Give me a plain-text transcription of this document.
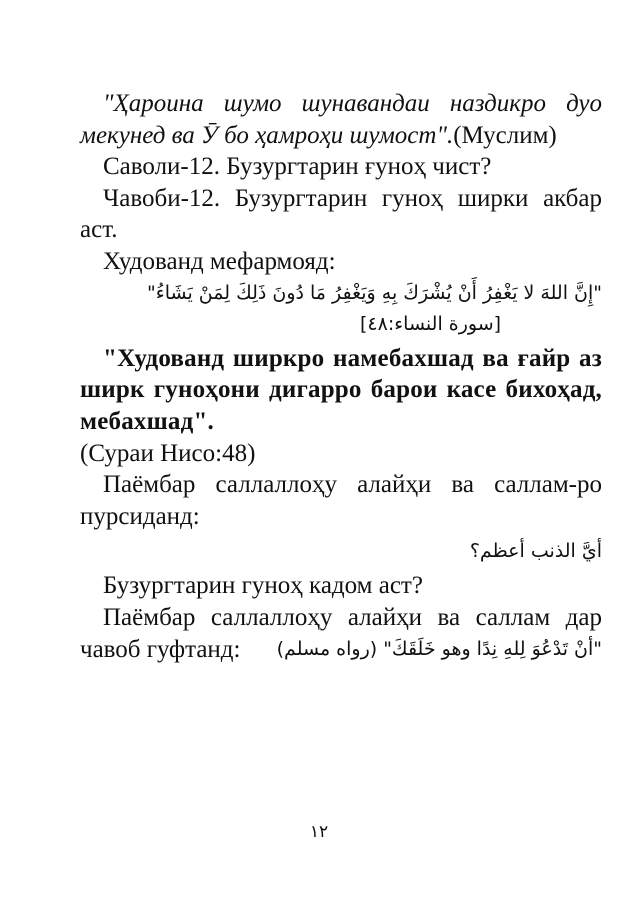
"Ҳароина шумо шунавандаи наздикро дуо мекунед ва Ӯ бо ҳамроҳи шумост".(Муслим)

Саволи-12. Бузургтарин ғуноҳ чист?

Чавоби-12. Бузургтарин гуноҳ ширки акбар аст.

Худованд мефармояд:

"إِنَّ اللهَ لا يَغْفِرُ أَنْ يُشْرَكَ بِهِ وَيَغْفِرُ مَا دُونَ ذَلِكَ لِمَنْ يَشَاءُ"

[سورة النساء:٤٨]

"Худованд ширкро намебахшад ва ғайр аз ширк гуноҳони дигарро барои касе бихоҳад, мебахшад".

(Сураи Нисо:48)

Паёмбар саллаллоҳу алайҳи ва саллам-ро пурсиданд:

أيَّ الذنب أعظم؟

Бузургтарин гуноҳ кадом аст?

Паёмбар саллаллоҳу алайҳи ва саллам дар чавоб гуфтанд:	"أنْ تَدْعُوَ لِلهِ نِدًا وهو خَلَقَكَ" (رواه مسلم)

١٢
